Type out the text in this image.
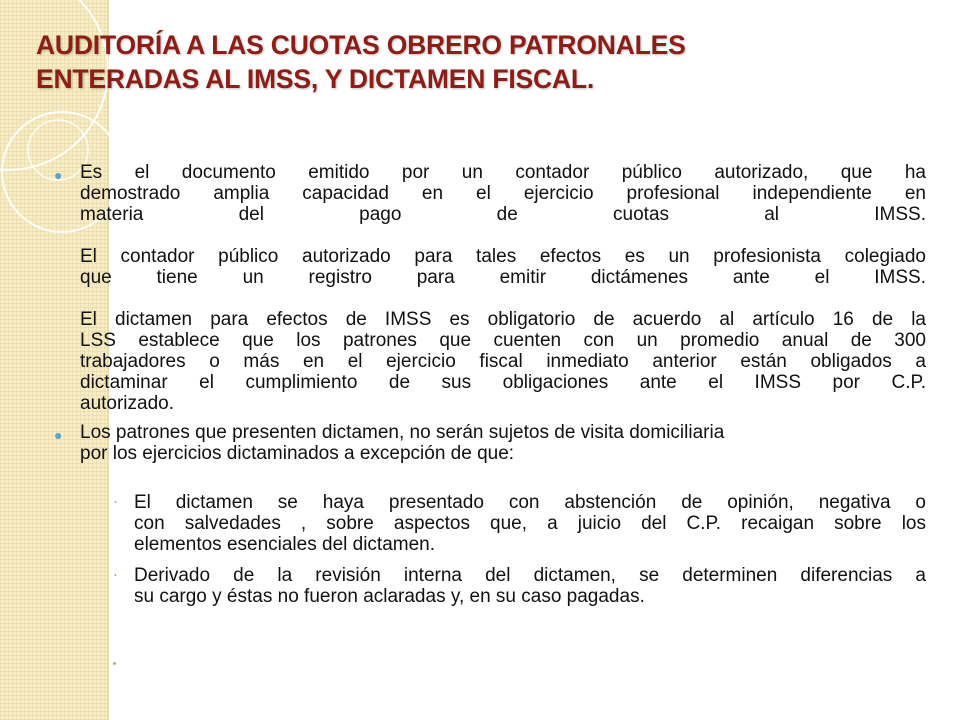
AUDITORÍA A LAS CUOTAS OBRERO PATRONALES
ENTERADAS AL IMSS, Y DICTAMEN FISCAL.
● Es el documento emitido por un contador público autorizado, que ha

demostrado amplia capacidad en el ejercicio profesional independiente en

materia del pago de cuotas al IMSS.

El contador público autorizado para tales efectos es un profesionista colegiado

que tiene un registro para emitir dictámenes ante el IMSS.

El dictamen para efectos de IMSS es obligatorio de acuerdo al artículo 16 de la

LSS establece que los patrones que cuenten con un promedio anual de 300

trabajadores o más en el ejercicio fiscal inmediato anterior están obligados a

dictaminar el cumplimiento de sus obligaciones ante el IMSS por C.P.

autorizado.

● Los patrones que presenten dictamen, no serán sujetos de visita domiciliaria

por los ejercicios dictaminados a excepción de que:

· El dictamen se haya presentado con abstención de opinión, negativa o

con salvedades , sobre aspectos que, a juicio del C.P. recaigan sobre los

elementos esenciales del dictamen.

· Derivado de la revisión interna del dictamen, se determinen diferencias a

su cargo y éstas no fueron aclaradas y, en su caso pagadas.
